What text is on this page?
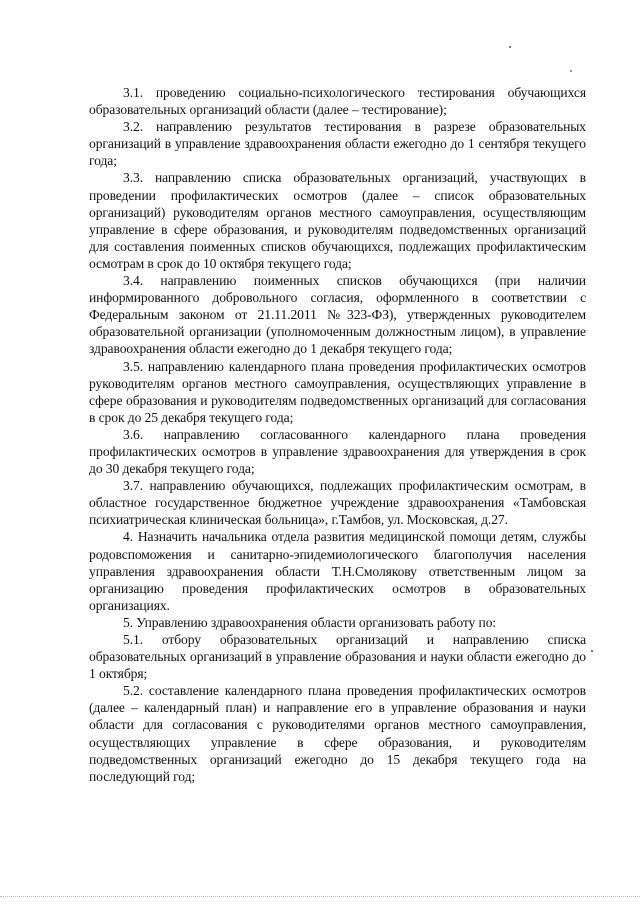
3.1. проведению социально-психологического тестирования обучающихся образовательных организаций области (далее – тестирование);

3.2. направлению результатов тестирования в разрезе образовательных организаций в управление здравоохранения области ежегодно до 1 сентября текущего года;

3.3. направлению списка образовательных организаций, участвующих в проведении профилактических осмотров (далее – список образовательных организаций) руководителям органов местного самоуправления, осуществляющим управление в сфере образования, и руководителям подведомственных организаций для составления поименных списков обучающихся, подлежащих профилактическим осмотрам в срок до 10 октября текущего года;

3.4. направлению поименных списков обучающихся (при наличии информированного добровольного согласия, оформленного в соответствии с Федеральным законом от 21.11.2011 №323-ФЗ), утвержденных руководителем образовательной организации (уполномоченным должностным лицом), в управление здравоохранения области ежегодно до 1 декабря текущего года;

3.5. направлению календарного плана проведения профилактических осмотров руководителям органов местного самоуправления, осуществляющих управление в сфере образования и руководителям подведомственных организаций для согласования в срок до 25 декабря текущего года;

3.6. направлению согласованного календарного плана проведения профилактических осмотров в управление здравоохранения для утверждения в срок до 30 декабря текущего года;

3.7. направлению обучающихся, подлежащих профилактическим осмотрам, в областное государственное бюджетное учреждение здравоохранения «Тамбовская психиатрическая клиническая больница», г.Тамбов, ул. Московская, д.27.

4. Назначить начальника отдела развития медицинской помощи детям, службы родовспоможения и санитарно-эпидемиологического благополучия населения управления здравоохранения области Т.Н.Смолякову ответственным лицом за организацию проведения профилактических осмотров в образовательных организациях.

5. Управлению здравоохранения области организовать работу по:

5.1. отбору образовательных организаций и направлению списка образовательных организаций в управление образования и науки области ежегодно до 1 октября;

5.2. составление календарного плана проведения профилактических осмотров (далее – календарный план) и направление его в управление образования и науки области для согласования с руководителями органов местного самоуправления, осуществляющих управление в сфере образования, и руководителям подведомственных организаций ежегодно до 15 декабря текущего года на последующий год;
